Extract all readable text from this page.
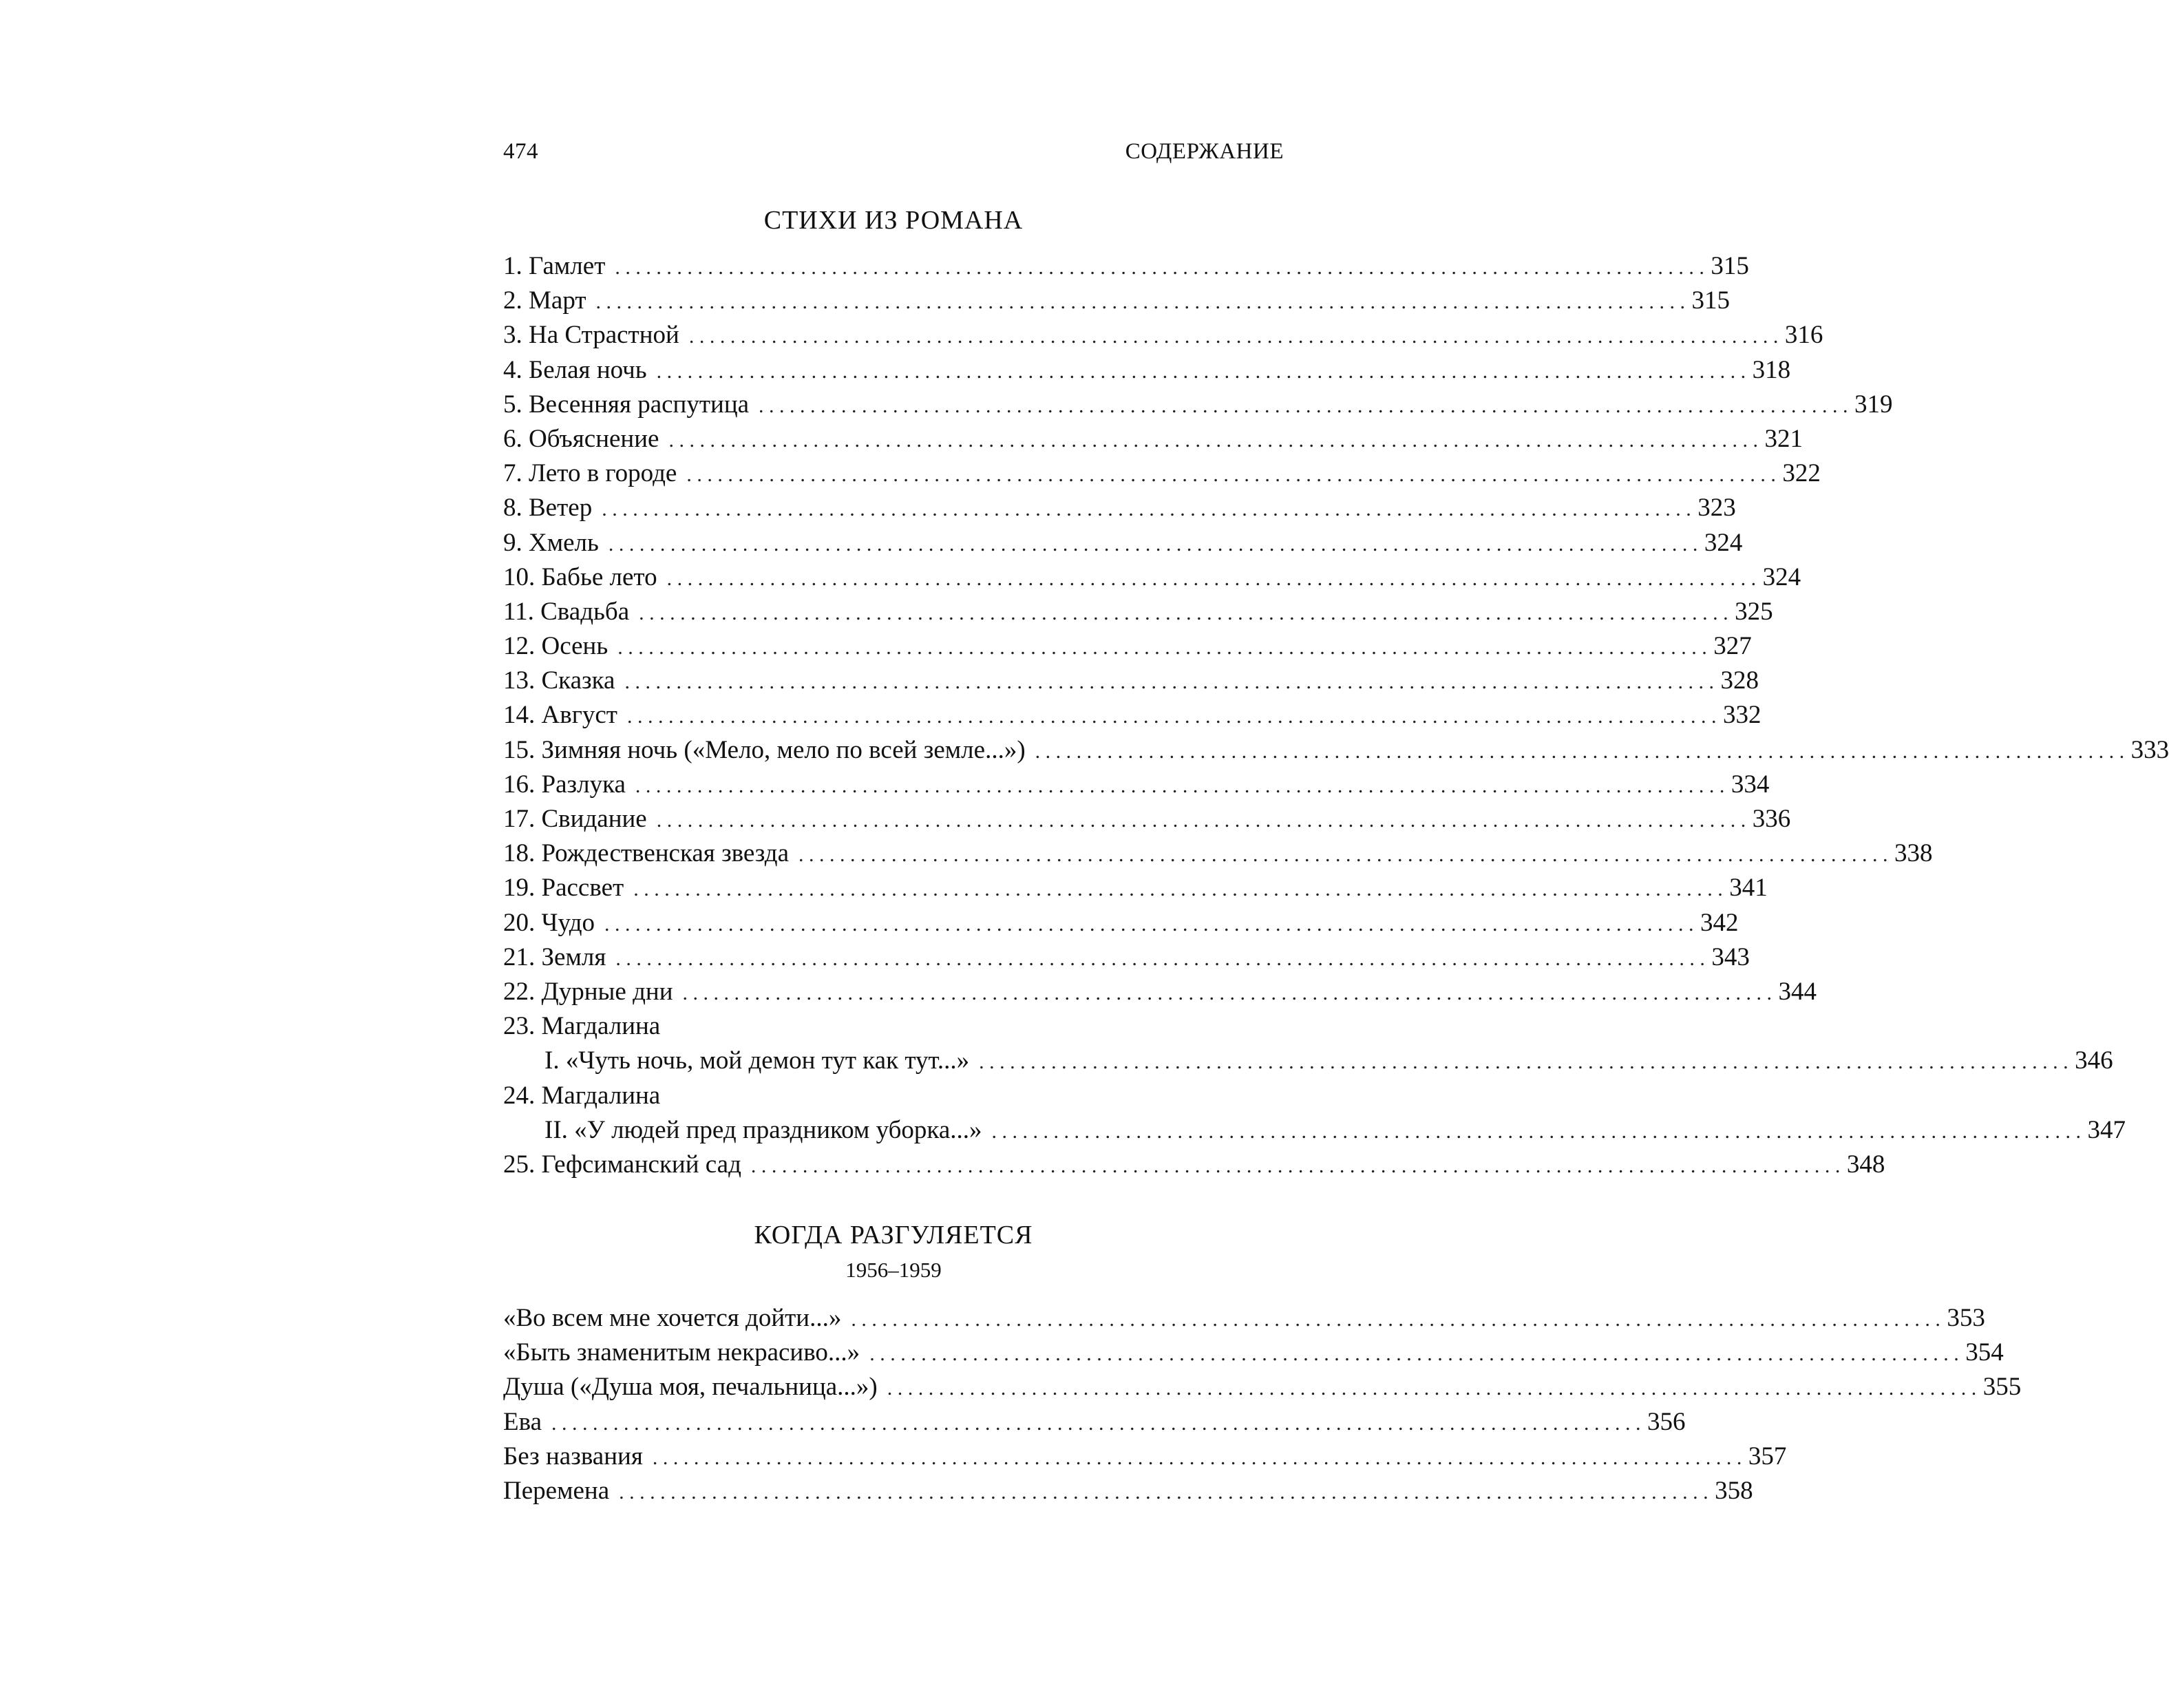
474	СОДЕРЖАНИЕ
СТИХИ ИЗ РОМАНА
1. Гамлет .......................................................................................................... 315
2. Март .......................................................................................................... 315
3. На Страстной .......................................................................................................... 316
4. Белая ночь .......................................................................................................... 318
5. Весенняя распутица .......................................................................................................... 319
6. Объяснение .......................................................................................................... 321
7. Лето в городе .......................................................................................................... 322
8. Ветер .......................................................................................................... 323
9. Хмель .......................................................................................................... 324
10. Бабье лето .......................................................................................................... 324
11. Свадьба .......................................................................................................... 325
12. Осень .......................................................................................................... 327
13. Сказка .......................................................................................................... 328
14. Август .......................................................................................................... 332
15. Зимняя ночь («Мело, мело по всей земле...») .......................................................................................................... 333
16. Разлука .......................................................................................................... 334
17. Свидание .......................................................................................................... 336
18. Рождественская звезда .......................................................................................................... 338
19. Рассвет .......................................................................................................... 341
20. Чудо .......................................................................................................... 342
21. Земля .......................................................................................................... 343
22. Дурные дни .......................................................................................................... 344
23. Магдалина
I. «Чуть ночь, мой демон тут как тут...» .......................................................................................................... 346
24. Магдалина
II. «У людей пред праздником уборка...» .......................................................................................................... 347
25. Гефсиманский сад .......................................................................................................... 348
КОГДА РАЗГУЛЯЕТСЯ
1956–1959
«Во всем мне хочется дойти...» .......................................................................................................... 353
«Быть знаменитым некрасиво...» .......................................................................................................... 354
Душа («Душа моя, печальница...») .......................................................................................................... 355
Ева .......................................................................................................... 356
Без названия .......................................................................................................... 357
Перемена .......................................................................................................... 358
